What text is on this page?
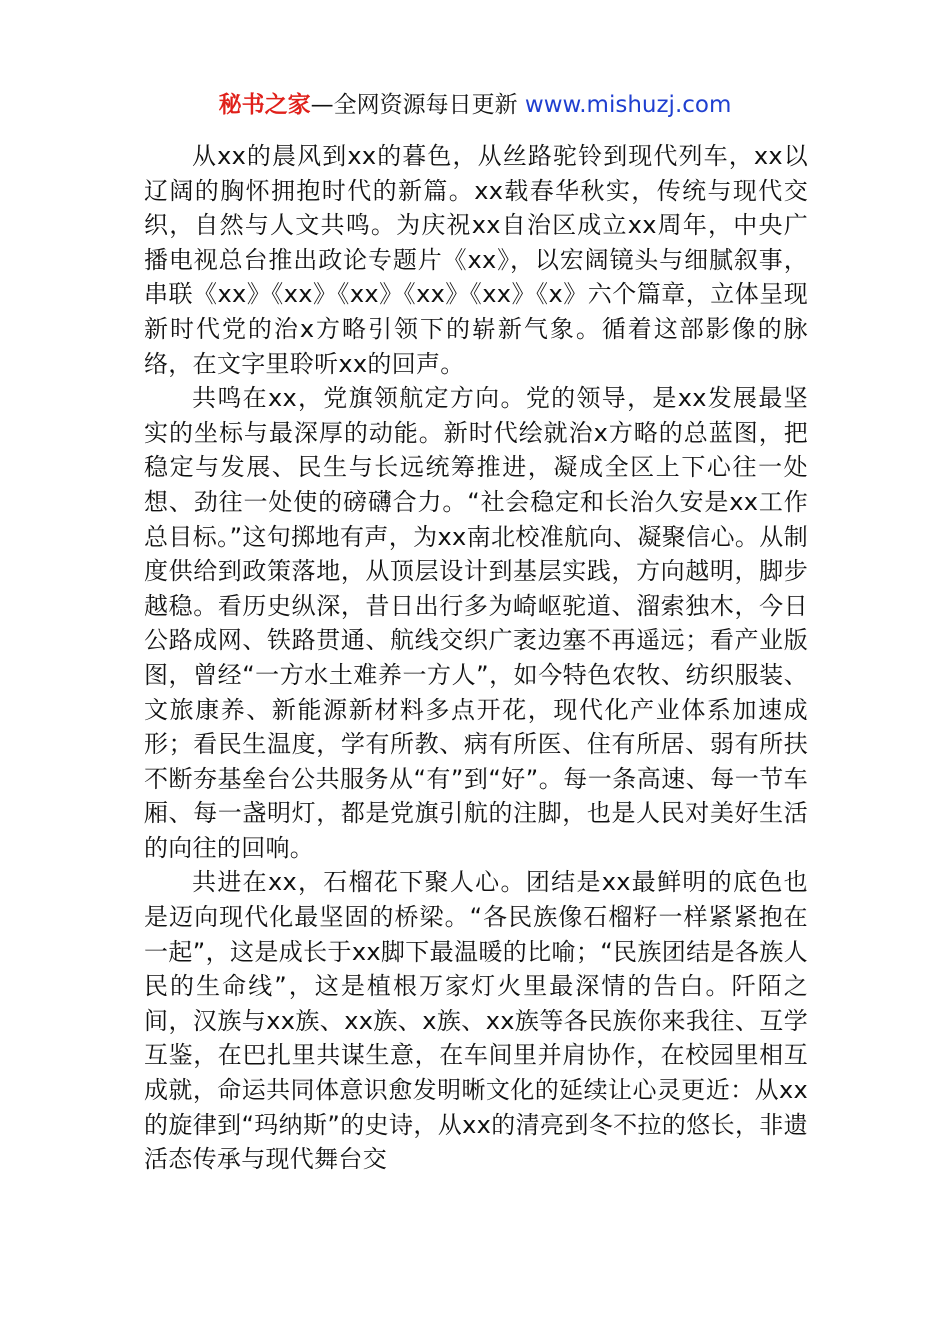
秘书之家—全网资源每日更新 www.mishuzj.com

从xx的晨风到xx的暮色，从丝路驼铃到现代列车，xx以辽阔的胸怀拥抱时代的新篇。xx载春华秋实，传统与现代交织，自然与人文共鸣。为庆祝xx自治区成立xx周年，中央广播电视总台推出政论专题片《xx》，以宏阔镜头与细腻叙事，串联《xx》《xx》《xx》《xx》《xx》《x》六个篇章，立体呈现新时代党的治x方略引领下的崭新气象。循着这部影像的脉络，在文字里聆听xx的回声。

共鸣在xx，党旗领航定方向。党的领导，是xx发展最坚实的坐标与最深厚的动能。新时代绘就治x方略的总蓝图，把稳定与发展、民生与长远统筹推进，凝成全区上下心往一处想、劲往一处使的磅礴合力。“社会稳定和长治久安是xx工作总目标。”这句掷地有声，为xx南北校准航向、凝聚信心。从制度供给到政策落地，从顶层设计到基层实践，方向越明，脚步越稳。看历史纵深，昔日出行多为崎岖驼道、溜索独木，今日公路成网、铁路贯通、航线交织广袤边塞不再遥远；看产业版图，曾经“一方水土难养一方人”，如今特色农牧、纺织服装、文旅康养、新能源新材料多点开花，现代化产业体系加速成形；看民生温度，学有所教、病有所医、住有所居、弱有所扶不断夯基垒台公共服务从“有”到“好”。每一条高速、每一节车厢、每一盏明灯，都是党旗引航的注脚，也是人民对美好生活的向往的回响。

共进在xx，石榴花下聚人心。团结是xx最鲜明的底色也是迈向现代化最坚固的桥梁。“各民族像石榴籽一样紧紧抱在一起”，这是成长于xx脚下最温暖的比喻；“民族团结是各族人民的生命线”，这是植根万家灯火里最深情的告白。阡陌之间，汉族与xx族、xx族、x族、xx族等各民族你来我往、互学互鉴，在巴扎里共谋生意，在车间里并肩协作，在校园里相互成就，命运共同体意识愈发明晰文化的延续让心灵更近：从xx的旋律到“玛纳斯”的史诗，从xx的清亮到冬不拉的悠长，非遗活态传承与现代舞台交
